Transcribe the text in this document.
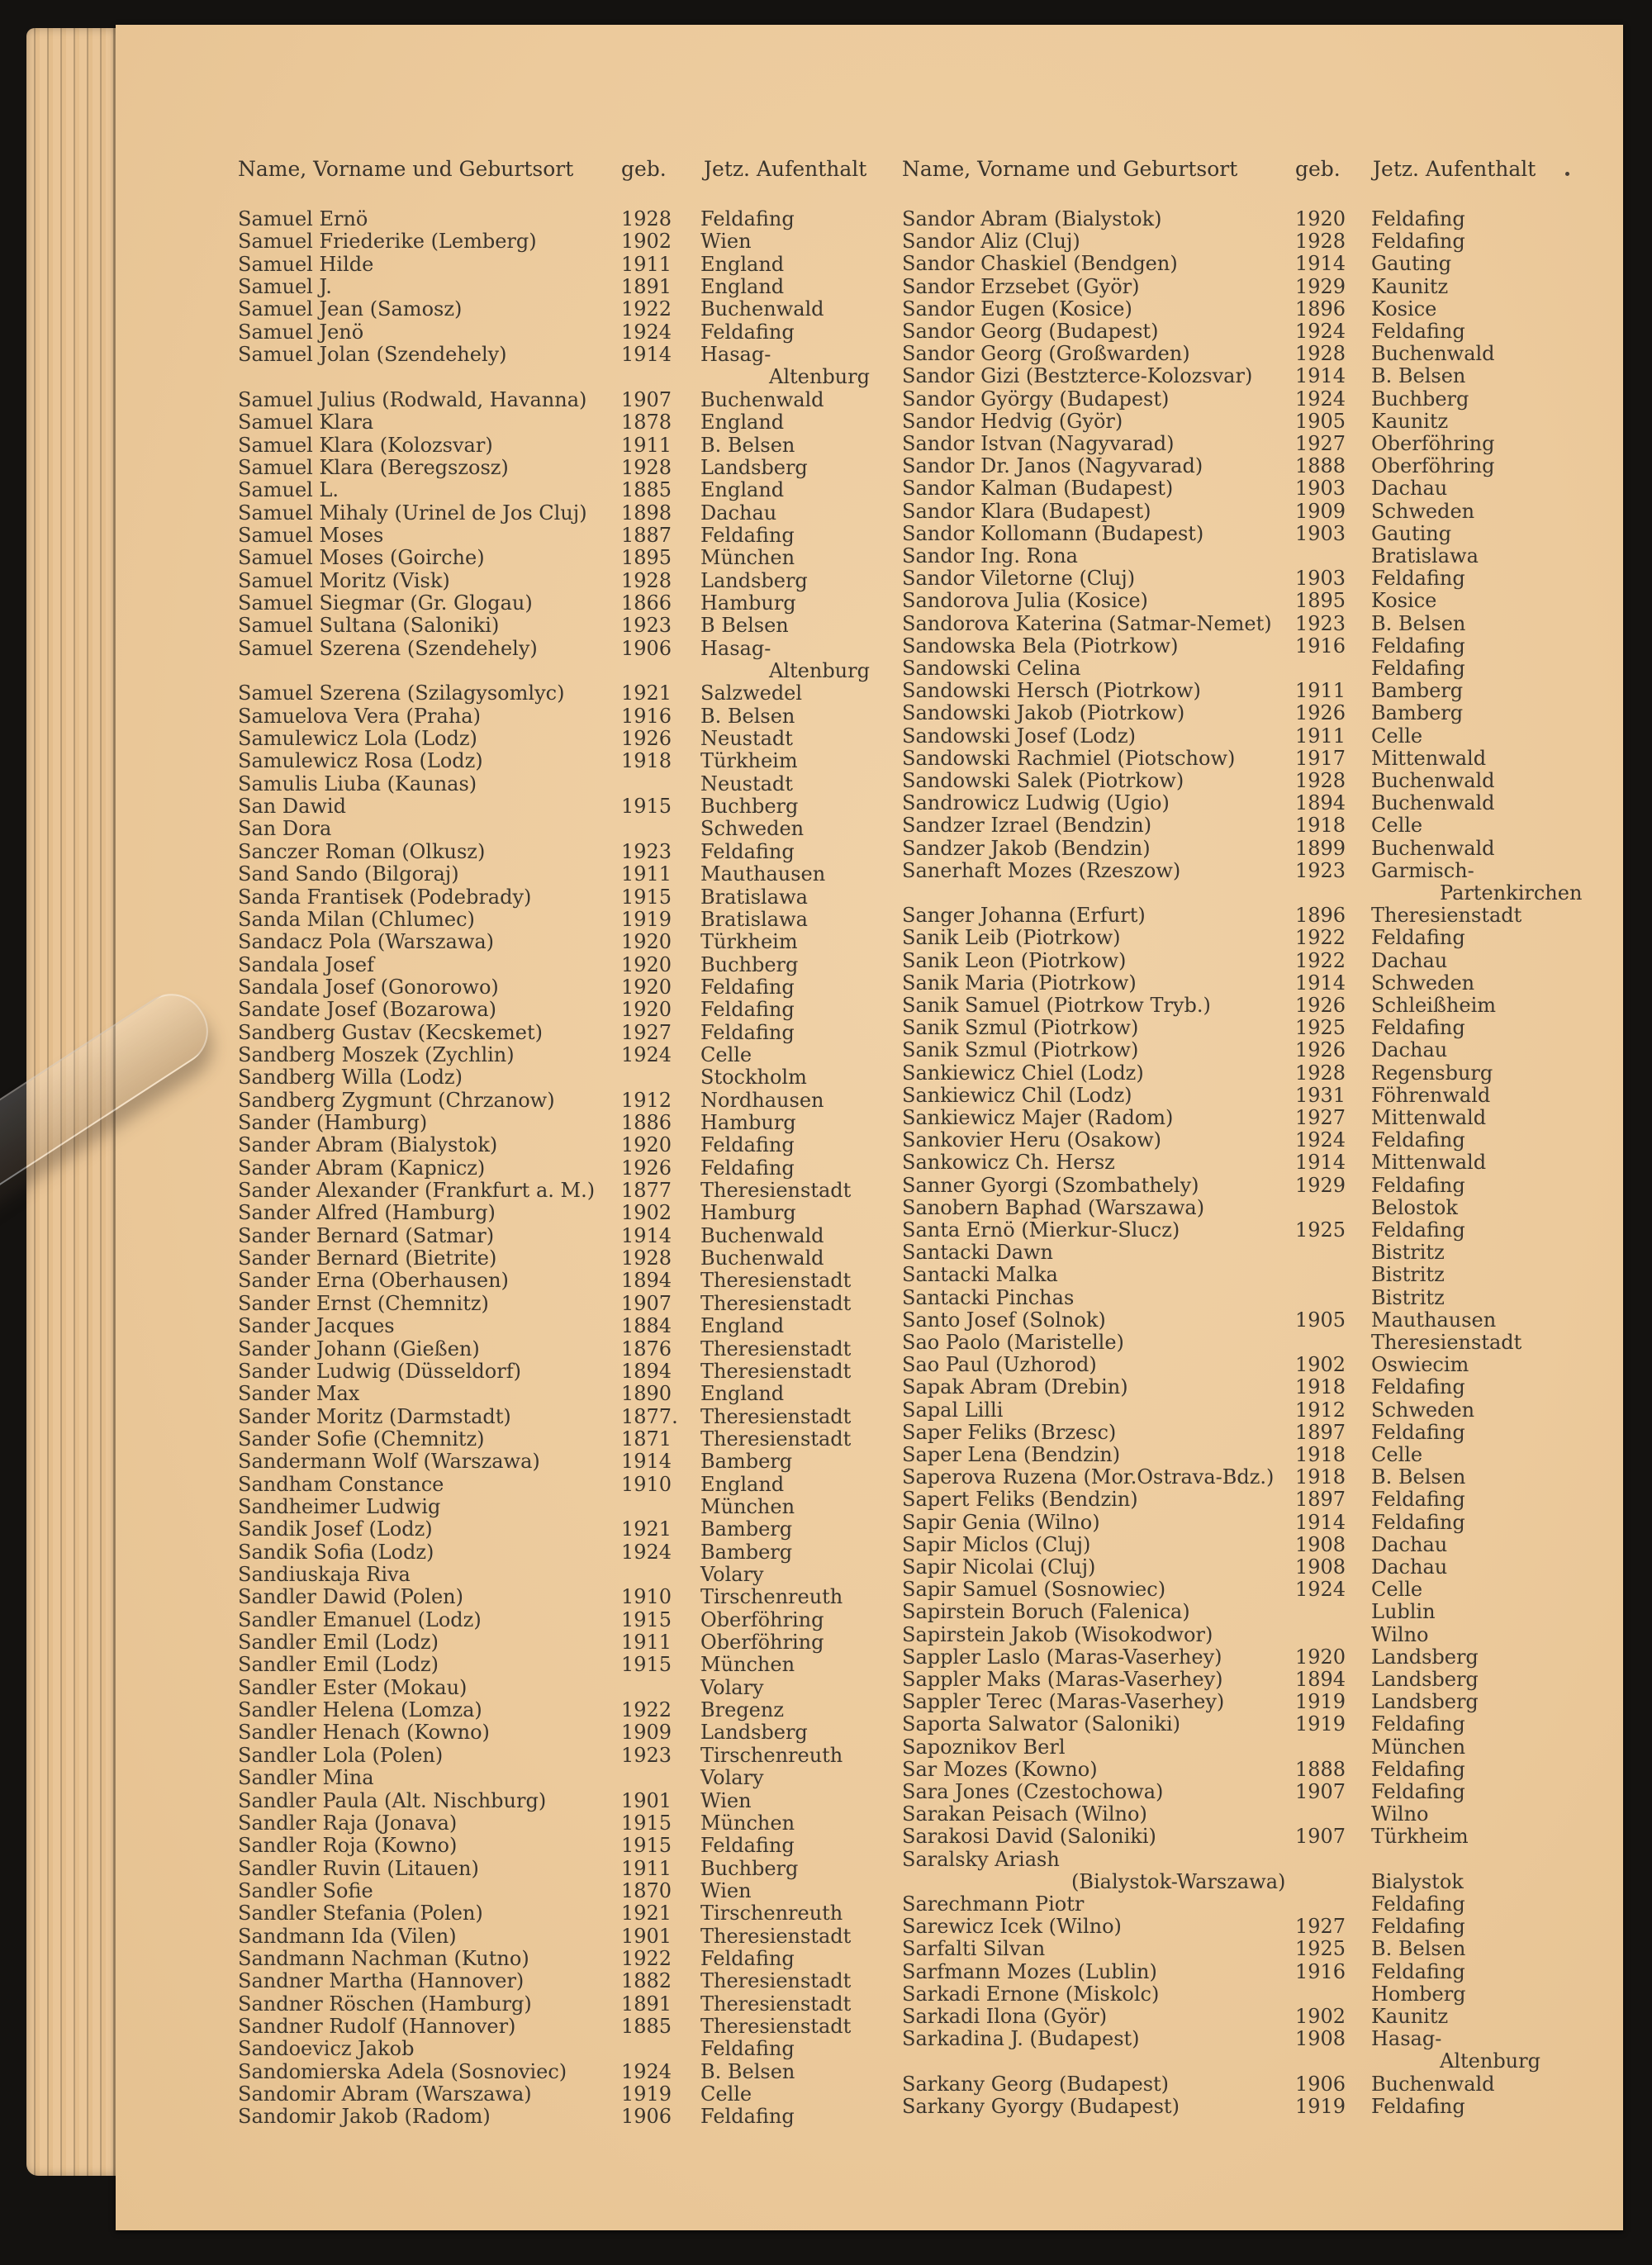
Name, Vorname und Geburtsort geb. Jetz. Aufenthalt Name, Vorname und Geburtsort	geb. Jetz. Aufenthalt
Samuel Ernö	1928 Feldafing
Samuel Friederike (Lemberg)	1902 Wien
Samuel Hilde	1911 England
Samuel J.	1891 England
Samuel Jean (Samosz)	1922 Buchenwald
Samuel Jenö	1924 Feldafing
Samuel Jolan (Szendehely)	1914 Hasag-
Altenburg
Samuel Julius (Rodwald, Havanna) 1907 Buchenwald
Samuel Klara	1878 England
Samuel Klara (Kolozsvar)	1911 B. Belsen
Samuel Klara (Beregszosz)	1928 Landsberg
Samuel L.	1885 England
Samuel Mihaly (Urinel de Jos Cluj) 1898 Dachau
Samuel Moses	1887 Feldafing
Samuel Moses (Goirche)	1895 München
Samuel Moritz (Visk)	1928 Landsberg
Samuel Siegmar (Gr. Glogau)	1866 Hamburg
Samuel Sultana (Saloniki)	1923 B Belsen
Samuel Szerena (Szendehely)	1906 Hasag-
Altenburg
Samuel Szerena (Szilagysomlyc)	1921 Salzwedel
Samuelova Vera (Praha)	1916 B. Belsen
Samulewicz Lola (Lodz)	1926 Neustadt
Samulewicz Rosa (Lodz)	1918 Türkheim
Samulis Liuba (Kaunas)	Neustadt
San Dawid	1915 Buchberg
San Dora	Schweden
Sanczer Roman (Olkusz)	1923 Feldafing
Sand Sando (Bilgoraj)	1911 Mauthausen
Sanda Frantisek (Podebrady)	1915 Bratislawa
Sanda Milan (Chlumec)	1919 Bratislawa
Sandacz Pola (Warszawa)	1920 Türkheim
Sandala Josef	1920 Buchberg
Sandala Josef (Gonorowo)	1920 Feldafing
Sandate Josef (Bozarowa)	1920 Feldafing
Sandberg Gustav (Kecskemet)	1927 Feldafing
Sandberg Moszek (Zychlin)	1924 Celle
Sandberg Willa (Lodz)	Stockholm
Sandberg Zygmunt (Chrzanow)	1912 Nordhausen
Sander (Hamburg)	1886 Hamburg
Sander Abram (Bialystok)	1920 Feldafing
Sander Abram (Kapnicz)	1926 Feldafing
Sander Alexander (Frankfurt a. M.) 1877 Theresienstadt
Sander Alfred (Hamburg)	1902 Hamburg
Sander Bernard (Satmar)	1914 Buchenwald
Sander Bernard (Bietrite)	1928 Buchenwald
Sander Erna (Oberhausen)	1894 Theresienstadt
Sander Ernst (Chemnitz)	1907 Theresienstadt
Sander Jacques	1884 England
Sander Johann (Gießen)	1876 Theresienstadt
Sander Ludwig (Düsseldorf)	1894 Theresienstadt
Sander Max	1890 England
Sander Moritz (Darmstadt)	1877. Theresienstadt
Sander Sofie (Chemnitz)	1871 Theresienstadt
Sandermann Wolf (Warszawa)	1914 Bamberg
Sandham Constance	1910 England
Sandheimer Ludwig	München
Sandik Josef (Lodz)	1921 Bamberg
Sandik Sofia (Lodz)	1924 Bamberg
Sandiuskaja Riva	Volary
Sandler Dawid (Polen)	1910 Tirschenreuth
Sandler Emanuel (Lodz)	1915 Oberföhring
Sandler Emil (Lodz)	1911 Oberföhring
Sandler Emil (Lodz)	1915 München
Sandler Ester (Mokau)	Volary
Sandler Helena (Lomza)	1922 Bregenz
Sandler Henach (Kowno)	1909 Landsberg
Sandler Lola (Polen)	1923 Tirschenreuth
Sandler Mina	Volary
Sandler Paula (Alt. Nischburg)	1901 Wien
Sandler Raja (Jonava)	1915 München
Sandler Roja (Kowno)	1915 Feldafing
Sandler Ruvin (Litauen)	1911 Buchberg
Sandler Sofie	1870 Wien
Sandler Stefania (Polen)	1921 Tirschenreuth
Sandmann Ida (Vilen)	1901 Theresienstadt
Sandmann Nachman (Kutno)	1922 Feldafing
Sandner Martha (Hannover)	1882 Theresienstadt
Sandner Röschen (Hamburg)	1891 Theresienstadt
Sandner Rudolf (Hannover)	1885 Theresienstadt
Sandoevicz Jakob	Feldafing
Sandomierska Adela (Sosnoviec)	1924 B. Belsen
Sandomir Abram (Warszawa)	1919 Celle
Sandomir Jakob (Radom)	1906 Feldafing
Sandor Abram (Bialystok)	1920 Feldafing
Sandor Aliz (Cluj)	1928 Feldafing
Sandor Chaskiel (Bendgen)	1914 Gauting
Sandor Erzsebet (Györ)	1929 Kaunitz
Sandor Eugen (Kosice)	1896 Kosice
Sandor Georg (Budapest)	1924 Feldafing
Sandor Georg (Großwarden)	1928 Buchenwald
Sandor Gizi (Bestzterce-Kolozsvar) 1914 B. Belsen
Sandor György (Budapest)	1924 Buchberg
Sandor Hedvig (Györ)	1905 Kaunitz
Sandor Istvan (Nagyvarad)	1927 Oberföhring
Sandor Dr. Janos (Nagyvarad)	1888 Oberföhring
Sandor Kalman (Budapest)	1903 Dachau
Sandor Klara (Budapest)	1909 Schweden
Sandor Kollomann (Budapest)	1903 Gauting
Sandor Ing. Rona	Bratislawa
Sandor Viletorne (Cluj)	1903 Feldafing
Sandorova Julia (Kosice)	1895 Kosice
Sandorova Katerina (Satmar-Nemet) 1923 B. Belsen
Sandowska Bela (Piotrkow)	1916 Feldafing
Sandowski Celina	Feldafing
Sandowski Hersch (Piotrkow)	1911 Bamberg
Sandowski Jakob (Piotrkow)	1926 Bamberg
Sandowski Josef (Lodz)	1911 Celle
Sandowski Rachmiel (Piotschow)	1917 Mittenwald
Sandowski Salek (Piotrkow)	1928 Buchenwald
Sandrowicz Ludwig (Ugio)	1894 Buchenwald
Sandzer Izrael (Bendzin)	1918 Celle
Sandzer Jakob (Bendzin)	1899 Buchenwald
Sanerhaft Mozes (Rzeszow)	1923 Garmisch-
Partenkirchen
Sanger Johanna (Erfurt)	1896 Theresienstadt
Sanik Leib (Piotrkow)	1922 Feldafing
Sanik Leon (Piotrkow)	1922 Dachau
Sanik Maria (Piotrkow)	1914 Schweden
Sanik Samuel (Piotrkow Tryb.)	1926 Schleißheim
Sanik Szmul (Piotrkow)	1925 Feldafing
Sanik Szmul (Piotrkow)	1926 Dachau
Sankiewicz Chiel (Lodz)	1928 Regensburg
Sankiewicz Chil (Lodz)	1931 Föhrenwald
Sankiewicz Majer (Radom)	1927 Mittenwald
Sankovier Heru (Osakow)	1924 Feldafing
Sankowicz Ch. Hersz	1914 Mittenwald
Sanner Gyorgi (Szombathely)	1929 Feldafing
Sanobern Baphad (Warszawa)	Belostok
Santa Ernö (Mierkur-Slucz)	1925 Feldafing
Santacki Dawn	Bistritz
Santacki Malka	Bistritz
Santacki Pinchas	Bistritz
Santo Josef (Solnok)	1905 Mauthausen
Sao Paolo (Maristelle)	Theresienstadt
Sao Paul (Uzhorod)	1902 Oswiecim
Sapak Abram (Drebin)	1918 Feldafing
Sapal Lilli	1912 Schweden
Saper Feliks (Brzesc)	1897 Feldafing
Saper Lena (Bendzin)	1918 Celle
Saperova Ruzena (Mor.Ostrava-Bdz.) 1918 B. Belsen
Sapert Feliks (Bendzin)	1897 Feldafing
Sapir Genia (Wilno)	1914 Feldafing
Sapir Miclos (Cluj)	1908 Dachau
Sapir Nicolai (Cluj)	1908 Dachau
Sapir Samuel (Sosnowiec)	1924 Celle
Sapirstein Boruch (Falenica)	Lublin
Sapirstein Jakob (Wisokodwor)	Wilno
Sappler Laslo (Maras-Vaserhey)	1920 Landsberg
Sappler Maks (Maras-Vaserhey)	1894 Landsberg
Sappler Terec (Maras-Vaserhey)	1919 Landsberg
Saporta Salwator (Saloniki)	1919 Feldafing
Sapoznikov Berl	München
Sar Mozes (Kowno)	1888 Feldafing
Sara Jones (Czestochowa)	1907 Feldafing
Sarakan Peisach (Wilno)	Wilno
Sarakosi David (Saloniki)	1907 Türkheim
Saralsky Ariash
(Bialystok-Warszawa)	Bialystok
Sarechmann Piotr	Feldafing
Sarewicz Icek (Wilno)	1927 Feldafing
Sarfalti Silvan	1925 B. Belsen
Sarfmann Mozes (Lublin)	1916 Feldafing
Sarkadi Ernone (Miskolc)	Homberg
Sarkadi Ilona (Györ)	1902 Kaunitz
Sarkadina J. (Budapest)	1908 Hasag-
Altenburg
Sarkany Georg (Budapest)	1906 Buchenwald
Sarkany Gyorgy (Budapest)	1919 Feldafing
